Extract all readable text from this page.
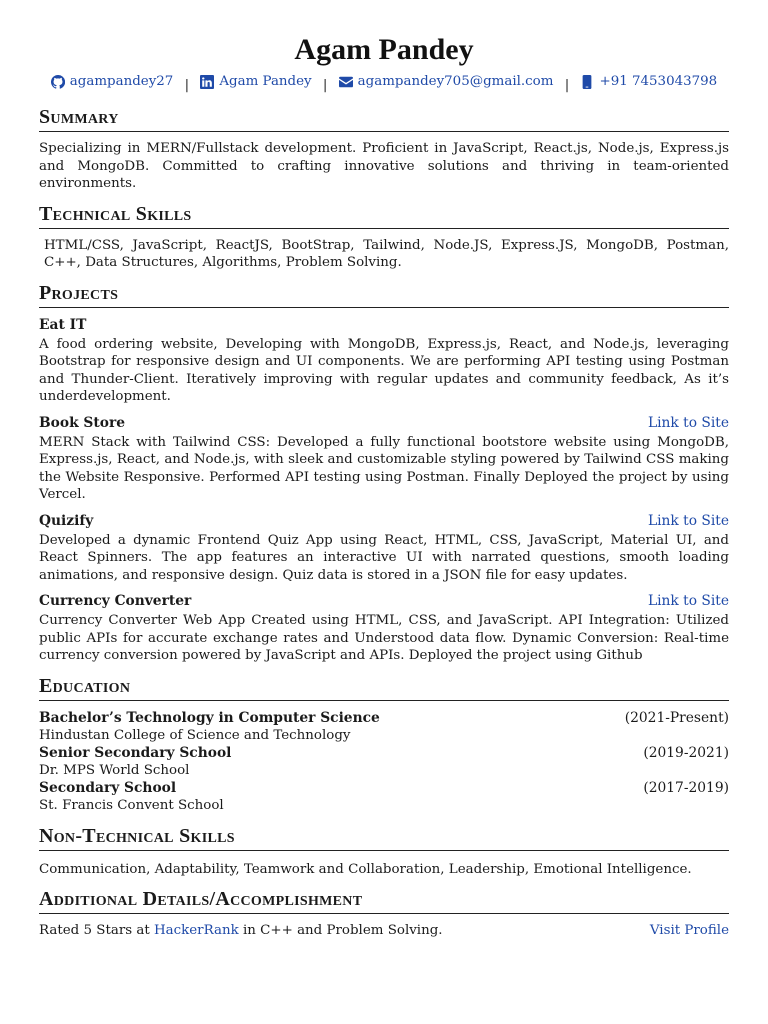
Agam Pandey
agampandey27 | Agam Pandey | agampandey705@gmail.com | +91 7453043798
Summary
Specializing in MERN/Fullstack development. Proficient in JavaScript, React.js, Node.js, Express.js and MongoDB. Committed to crafting innovative solutions and thriving in team-oriented environments.
Technical Skills
HTML/CSS, JavaScript, ReactJS, BootStrap, Tailwind, Node.JS, Express.JS, MongoDB, Postman, C++, Data Structures, Algorithms, Problem Solving.
Projects
Eat IT
A food ordering website, Developing with MongoDB, Express.js, React, and Node.js, leveraging Bootstrap for responsive design and UI components. We are performing API testing using Postman and Thunder-Client. Iteratively improving with regular updates and community feedback, As it’s underdevelopment.
Book Store	Link to Site
MERN Stack with Tailwind CSS: Developed a fully functional bootstore website using MongoDB, Express.js, React, and Node.js, with sleek and customizable styling powered by Tailwind CSS making the Website Responsive. Performed API testing using Postman. Finally Deployed the project by using Vercel.
Quizify	Link to Site
Developed a dynamic Frontend Quiz App using React, HTML, CSS, JavaScript, Material UI, and React Spinners. The app features an interactive UI with narrated questions, smooth loading animations, and responsive design. Quiz data is stored in a JSON file for easy updates.
Currency Converter	Link to Site
Currency Converter Web App Created using HTML, CSS, and JavaScript. API Integration: Utilized public APIs for accurate exchange rates and Understood data flow. Dynamic Conversion: Real-time currency conversion powered by JavaScript and APIs. Deployed the project using Github
Education
Bachelor’s Technology in Computer Science	(2021-Present)
Hindustan College of Science and Technology
Senior Secondary School	(2019-2021)
Dr. MPS World School
Secondary School	(2017-2019)
St. Francis Convent School
Non-Technical Skills
Communication, Adaptability, Teamwork and Collaboration, Leadership, Emotional Intelligence.
Additional Details/Accomplishment
Rated 5 Stars at HackerRank in C++ and Problem Solving.	Visit Profile
